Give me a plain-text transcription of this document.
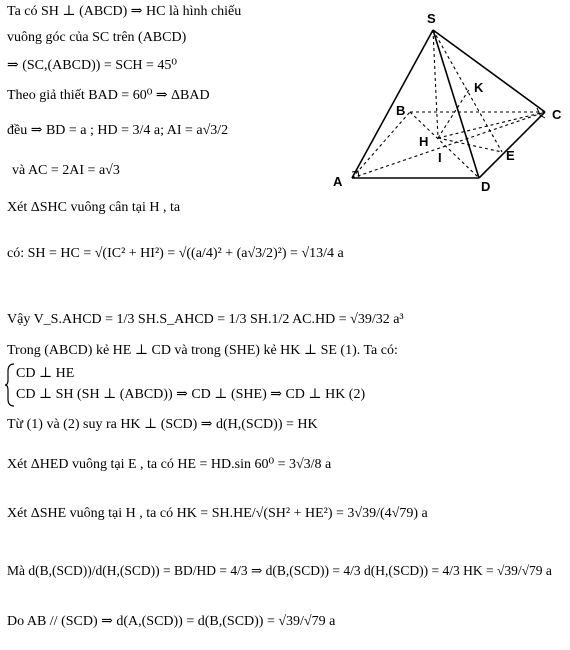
S
K
B	C
H
I	E
A	D
Ta có SH ⊥ (ABCD) ⇒ HC là hình chiếu
vuông góc của SC trên (ABCD)
⇒ (SC,(ABCD)) = SCH = 45⁰
Theo giả thiết BAD = 60⁰ ⇒ ΔBAD
đều ⇒ BD = a ; HD = 3/4 a; AI = a√3/2
và AC = 2AI = a√3
Xét ΔSHC vuông cân tại H , ta
có: SH = HC = √(IC² + HI²) = √((a/4)² + (a√3/2)²) = √13/4 a
Vậy V_S.AHCD = 1/3 SH.S_AHCD = 1/3 SH.1/2 AC.HD = √39/32 a³
Trong (ABCD) kẻ HE ⊥ CD và trong (SHE) kẻ HK ⊥ SE (1). Ta có:
CD ⊥ HE
CD ⊥ SH (SH ⊥ (ABCD)) ⇒ CD ⊥ (SHE) ⇒ CD ⊥ HK (2)
Từ (1) và (2) suy ra HK ⊥ (SCD) ⇒ d(H,(SCD)) = HK
Xét ΔHED vuông tại E , ta có HE = HD.sin 60⁰ = 3√3/8 a
Xét ΔSHE vuông tại H , ta có HK = SH.HE/√(SH² + HE²) = 3√39/(4√79) a
Mà d(B,(SCD))/d(H,(SCD)) = BD/HD = 4/3 ⇒ d(B,(SCD)) = 4/3 d(H,(SCD)) = 4/3 HK = √39/√79 a
Do AB // (SCD) ⇒ d(A,(SCD)) = d(B,(SCD)) = √39/√79 a
